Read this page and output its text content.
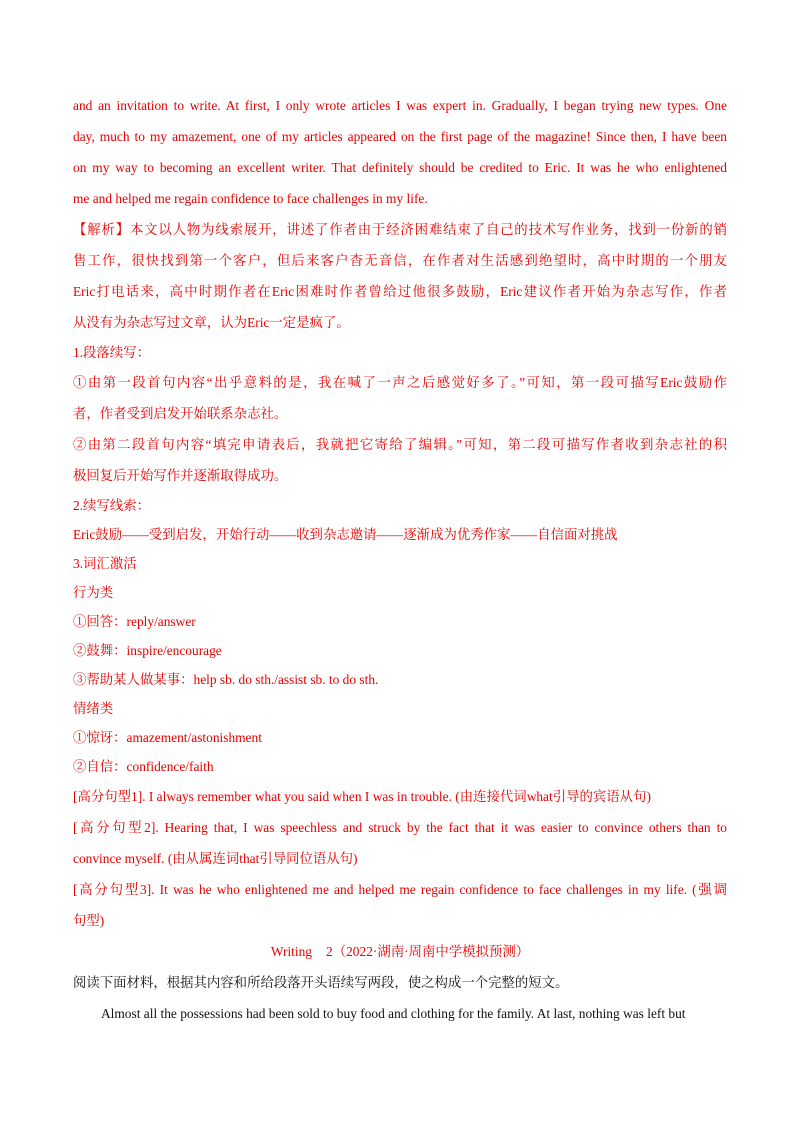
and an invitation to write. At first, I only wrote articles I was expert in. Gradually, I began trying new types. One
day, much to my amazement, one of my articles appeared on the first page of the magazine! Since then, I have been
on my way to becoming an excellent writer. That definitely should be credited to Eric. It was he who enlightened
me and helped me regain confidence to face challenges in my life.
【解析】本文以人物为线索展开，讲述了作者由于经济困难结束了自己的技术写作业务，找到一份新的销
售工作，很快找到第一个客户，但后来客户杳无音信，在作者对生活感到绝望时，高中时期的一个朋友
Eric打电话来，高中时期作者在Eric困难时作者曾给过他很多鼓励，Eric建议作者开始为杂志写作，作者
从没有为杂志写过文章，认为Eric一定是疯了。
1.段落续写：
①由第一段首句内容“出乎意料的是，我在喊了一声之后感觉好多了。”可知，第一段可描写Eric鼓励作
者，作者受到启发开始联系杂志社。
②由第二段首句内容“填完申请表后，我就把它寄给了编辑。”可知，第二段可描写作者收到杂志社的积
极回复后开始写作并逐渐取得成功。
2.续写线索：
Eric鼓励——受到启发，开始行动——收到杂志邀请——逐渐成为优秀作家——自信面对挑战
3.词汇激活
行为类
①回答：reply/answer
②鼓舞：inspire/encourage
③帮助某人做某事：help sb. do sth./assist sb. to do sth.
情绪类
①惊讶：amazement/astonishment
②自信：confidence/faith
[高分句型1]. I always remember what you said when I was in trouble. (由连接代词what引导的宾语从句)
[高分句型2]. Hearing that, I was speechless and struck by the fact that it was easier to convince others than to
convince myself. (由从属连词that引导同位语从句)
[高分句型3]. It was he who enlightened me and helped me regain confidence to face challenges in my life. (强调
句型)
Writing 2（2022·湖南·周南中学模拟预测）
阅读下面材料，根据其内容和所给段落开头语续写两段，使之构成一个完整的短文。
Almost all the possessions had been sold to buy food and clothing for the family. At last, nothing was left but
